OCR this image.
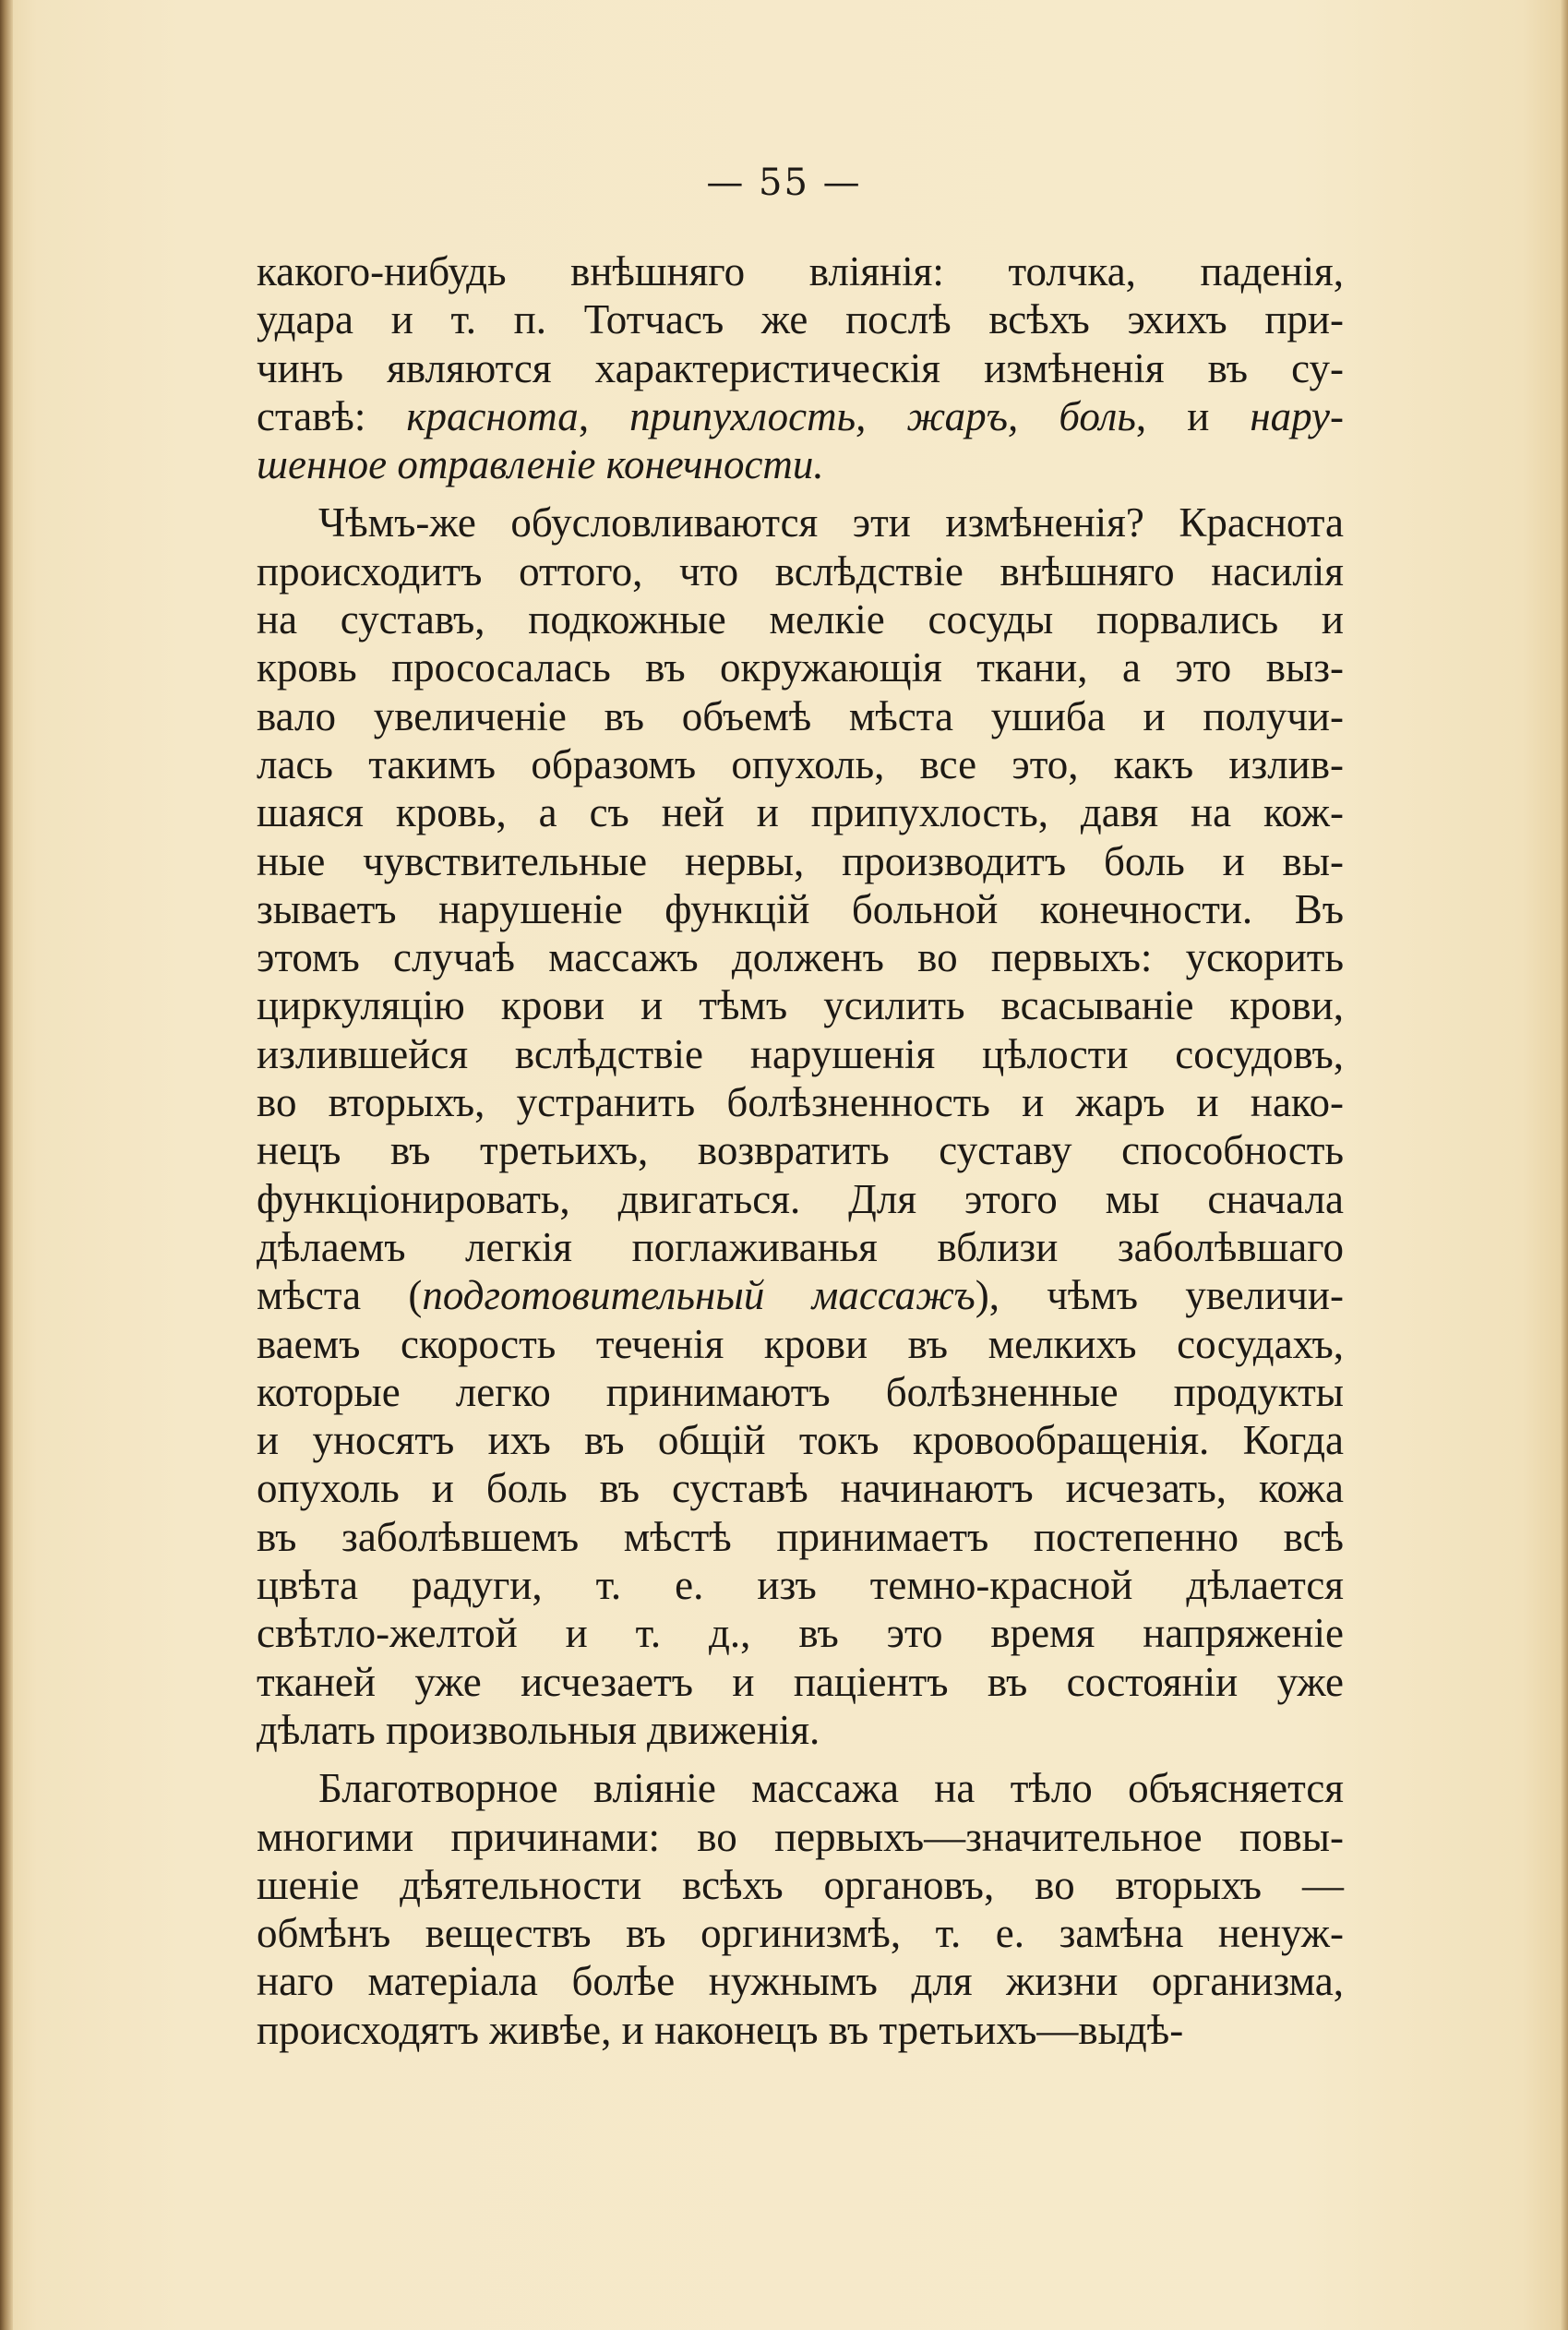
— 55 —
какого-нибудь внѣшняго вліянія: толчка, паденія,
удара и т. п. Тотчасъ же послѣ всѣхъ эхихъ при-
чинъ являются характеристическія измѣненія въ су-
ставѣ: краснота, припухлость, жаръ, боль, и нару-
шенное отравленіе конечности.
Чѣмъ-же обусловливаются эти измѣненія? Краснота
происходитъ оттого, что вслѣдствіе внѣшняго насилія
на суставъ, подкожные мелкіе сосуды порвались и
кровь прососалась въ окружающія ткани, а это выз-
вало увеличеніе въ объемѣ мѣста ушиба и получи-
лась такимъ образомъ опухоль, все это, какъ излив-
шаяся кровь, а съ ней и припухлость, давя на кож-
ные чувствительные нервы, производитъ боль и вы-
зываетъ нарушеніе функцій больной конечности. Въ
этомъ случаѣ массажъ долженъ во первыхъ: ускорить
циркуляцію крови и тѣмъ усилить всасываніе крови,
излившейся вслѣдствіе нарушенія цѣлости сосудовъ,
во вторыхъ, устранить болѣзненность и жаръ и нако-
нецъ въ третьихъ, возвратить суставу способность
функціонировать, двигаться. Для этого мы сначала
дѣлаемъ легкія поглаживанья вблизи заболѣвшаго
мѣста (подготовительный массажъ), чѣмъ увеличи-
ваемъ скорость теченія крови въ мелкихъ сосудахъ,
которые легко принимаютъ болѣзненные продукты
и уносятъ ихъ въ общій токъ кровообращенія. Когда
опухоль и боль въ суставѣ начинаютъ исчезать, кожа
въ заболѣвшемъ мѣстѣ принимаетъ постепенно всѣ
цвѣта радуги, т. е. изъ темно-красной дѣлается
свѣтло-желтой и т. д., въ это время напряженіе
тканей уже исчезаетъ и паціентъ въ состояніи уже
дѣлать произвольныя движенія.
Благотворное вліяніе массажа на тѣло объясняется
многими причинами: во первыхъ—значительное повы-
шеніе дѣятельности всѣхъ органовъ, во вторыхъ —
обмѣнъ веществъ въ оргинизмѣ, т. е. замѣна ненуж-
наго матеріала болѣе нужнымъ для жизни организма,
происходятъ живѣе, и наконецъ въ третьихъ—выдѣ-
